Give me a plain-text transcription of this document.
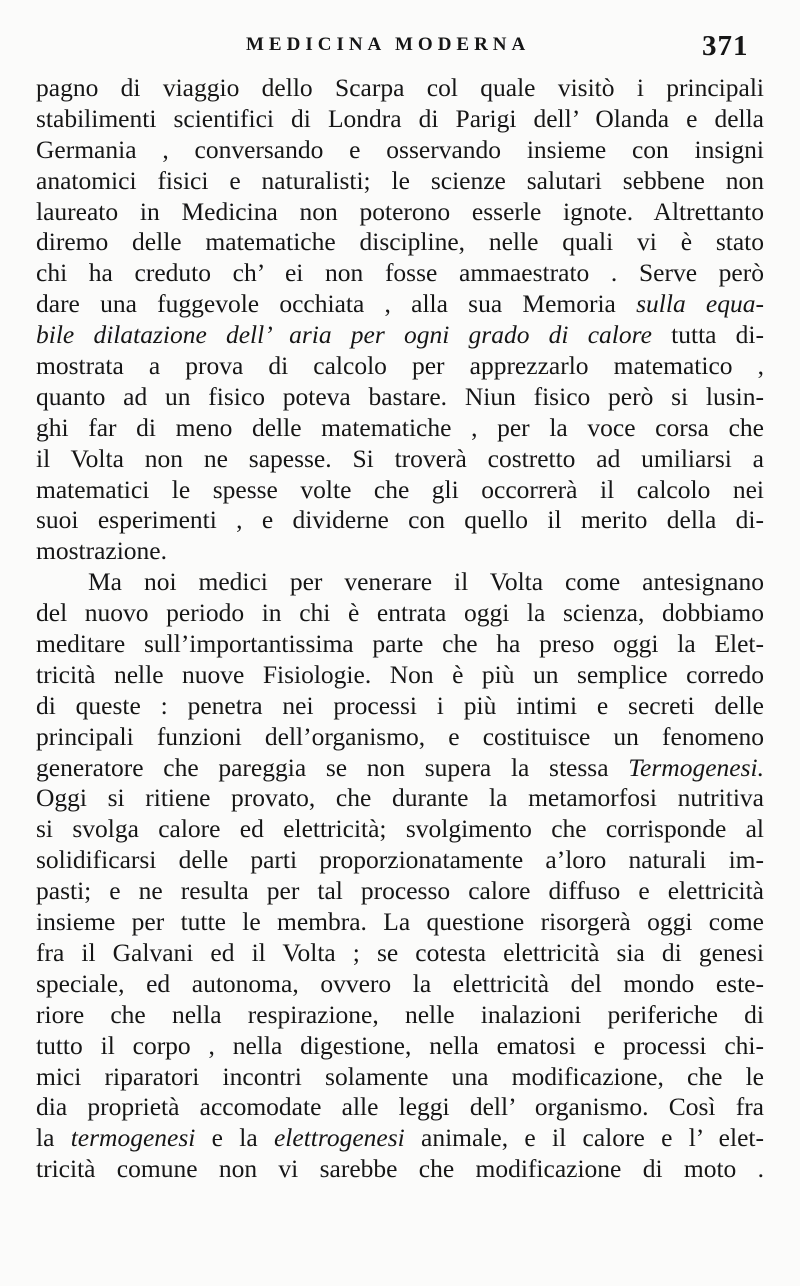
MEDICINA MODERNA	371
pagno di viaggio dello Scarpa col quale visitò i principali
stabilimenti scientifici di Londra di Parigi dell’ Olanda e della
Germania , conversando e osservando insieme con insigni
anatomici fisici e naturalisti; le scienze salutari sebbene non
laureato in Medicina non poterono esserle ignote. Altrettanto
diremo delle matematiche discipline, nelle quali vi è stato
chi ha creduto ch’ ei non fosse ammaestrato . Serve però
dare una fuggevole occhiata , alla sua Memoria sulla equa-
bile dilatazione dell’ aria per ogni grado di calore tutta di-
mostrata a prova di calcolo per apprezzarlo matematico ,
quanto ad un fisico poteva bastare. Niun fisico però si lusin-
ghi far di meno delle matematiche , per la voce corsa che
il Volta non ne sapesse. Si troverà costretto ad umiliarsi a
matematici le spesse volte che gli occorrerà il calcolo nei
suoi esperimenti , e dividerne con quello il merito della di-
mostrazione.
Ma noi medici per venerare il Volta come antesignano
del nuovo periodo in chi è entrata oggi la scienza, dobbiamo
meditare sull’importantissima parte che ha preso oggi la Elet-
tricità nelle nuove Fisiologie. Non è più un semplice corredo
di queste : penetra nei processi i più intimi e secreti delle
principali funzioni dell’organismo, e costituisce un fenomeno
generatore che pareggia se non supera la stessa Termogenesi.
Oggi si ritiene provato, che durante la metamorfosi nutritiva
si svolga calore ed elettricità; svolgimento che corrisponde al
solidificarsi delle parti proporzionatamente a’loro naturali im-
pasti; e ne resulta per tal processo calore diffuso e elettricità
insieme per tutte le membra. La questione risorgerà oggi come
fra il Galvani ed il Volta ; se cotesta elettricità sia di genesi
speciale, ed autonoma, ovvero la elettricità del mondo este-
riore che nella respirazione, nelle inalazioni periferiche di
tutto il corpo , nella digestione, nella ematosi e processi chi-
mici riparatori incontri solamente una modificazione, che le
dia proprietà accomodate alle leggi dell’ organismo. Così fra
la termogenesi e la elettrogenesi animale, e il calore e l’ elet-
tricità comune non vi sarebbe che modificazione di moto .
